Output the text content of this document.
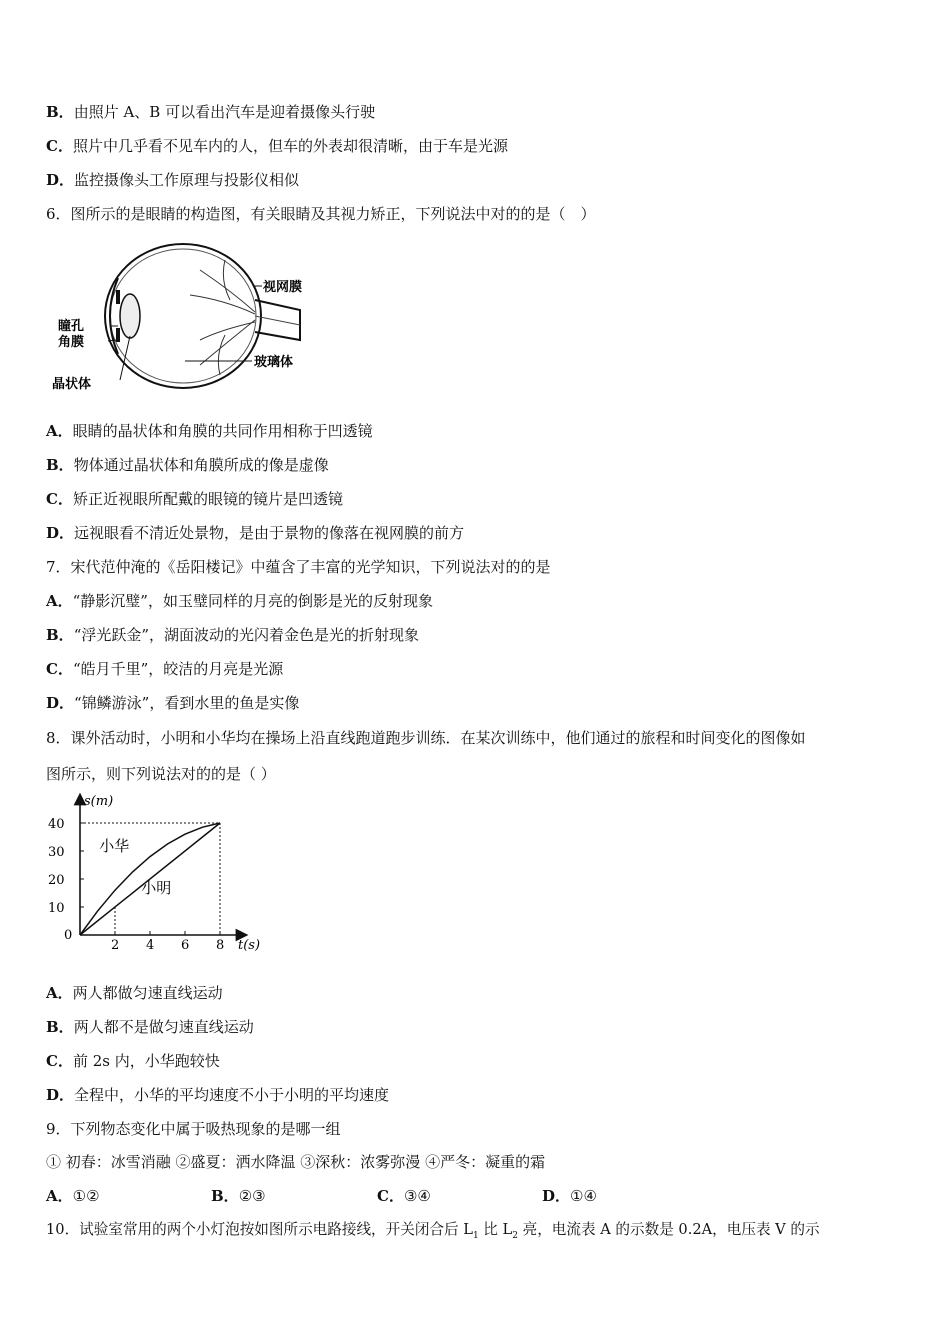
B．由照片 A、B 可以看出汽车是迎着摄像头行驶
C．照片中几乎看不见车内的人，但车的外表却很清晰，由于车是光源
D．监控摄像头工作原理与投影仪相似
6．图所示的是眼睛的构造图，有关眼睛及其视力矫正，下列说法中对的的是（　）
视网膜
瞳孔
角膜
晶状体
玻璃体
A．眼睛的晶状体和角膜的共同作用相称于凹透镜
B．物体通过晶状体和角膜所成的像是虚像
C．矫正近视眼所配戴的眼镜的镜片是凹透镜
D．远视眼看不清近处景物，是由于景物的像落在视网膜的前方
7．宋代范仲淹的《岳阳楼记》中蕴含了丰富的光学知识，下列说法对的的是
A．“静影沉璧”，如玉璧同样的月亮的倒影是光的反射现象
B．“浮光跃金”，湖面波动的光闪着金色是光的折射现象
C．“皓月千里”，皎洁的月亮是光源
D．“锦鳞游泳”，看到水里的鱼是实像
8．课外活动时，小明和小华均在操场上沿直线跑道跑步训练．在某次训练中，他们通过的旅程和时间变化的图像如
图所示，则下列说法对的的是（ ）
t(s)
s(m)
0
2 4 6 8
10
20
30
40
小华
小明
A．两人都做匀速直线运动
B．两人都不是做匀速直线运动
C．前 2s 内，小华跑较快
D．全程中，小华的平均速度不小于小明的平均速度
9．下列物态变化中属于吸热现象的是哪一组
① 初春：冰雪消融 ②盛夏：洒水降温 ③深秋：浓雾弥漫 ④严冬：凝重的霜
A．①②	B．②③	C．③④	D．①④
10．试验室常用的两个小灯泡按如图所示电路接线，开关闭合后 $L_1$ 比 $L_2$ 亮，电流表 A 的示数是 0.2A，电压表 V 的示
